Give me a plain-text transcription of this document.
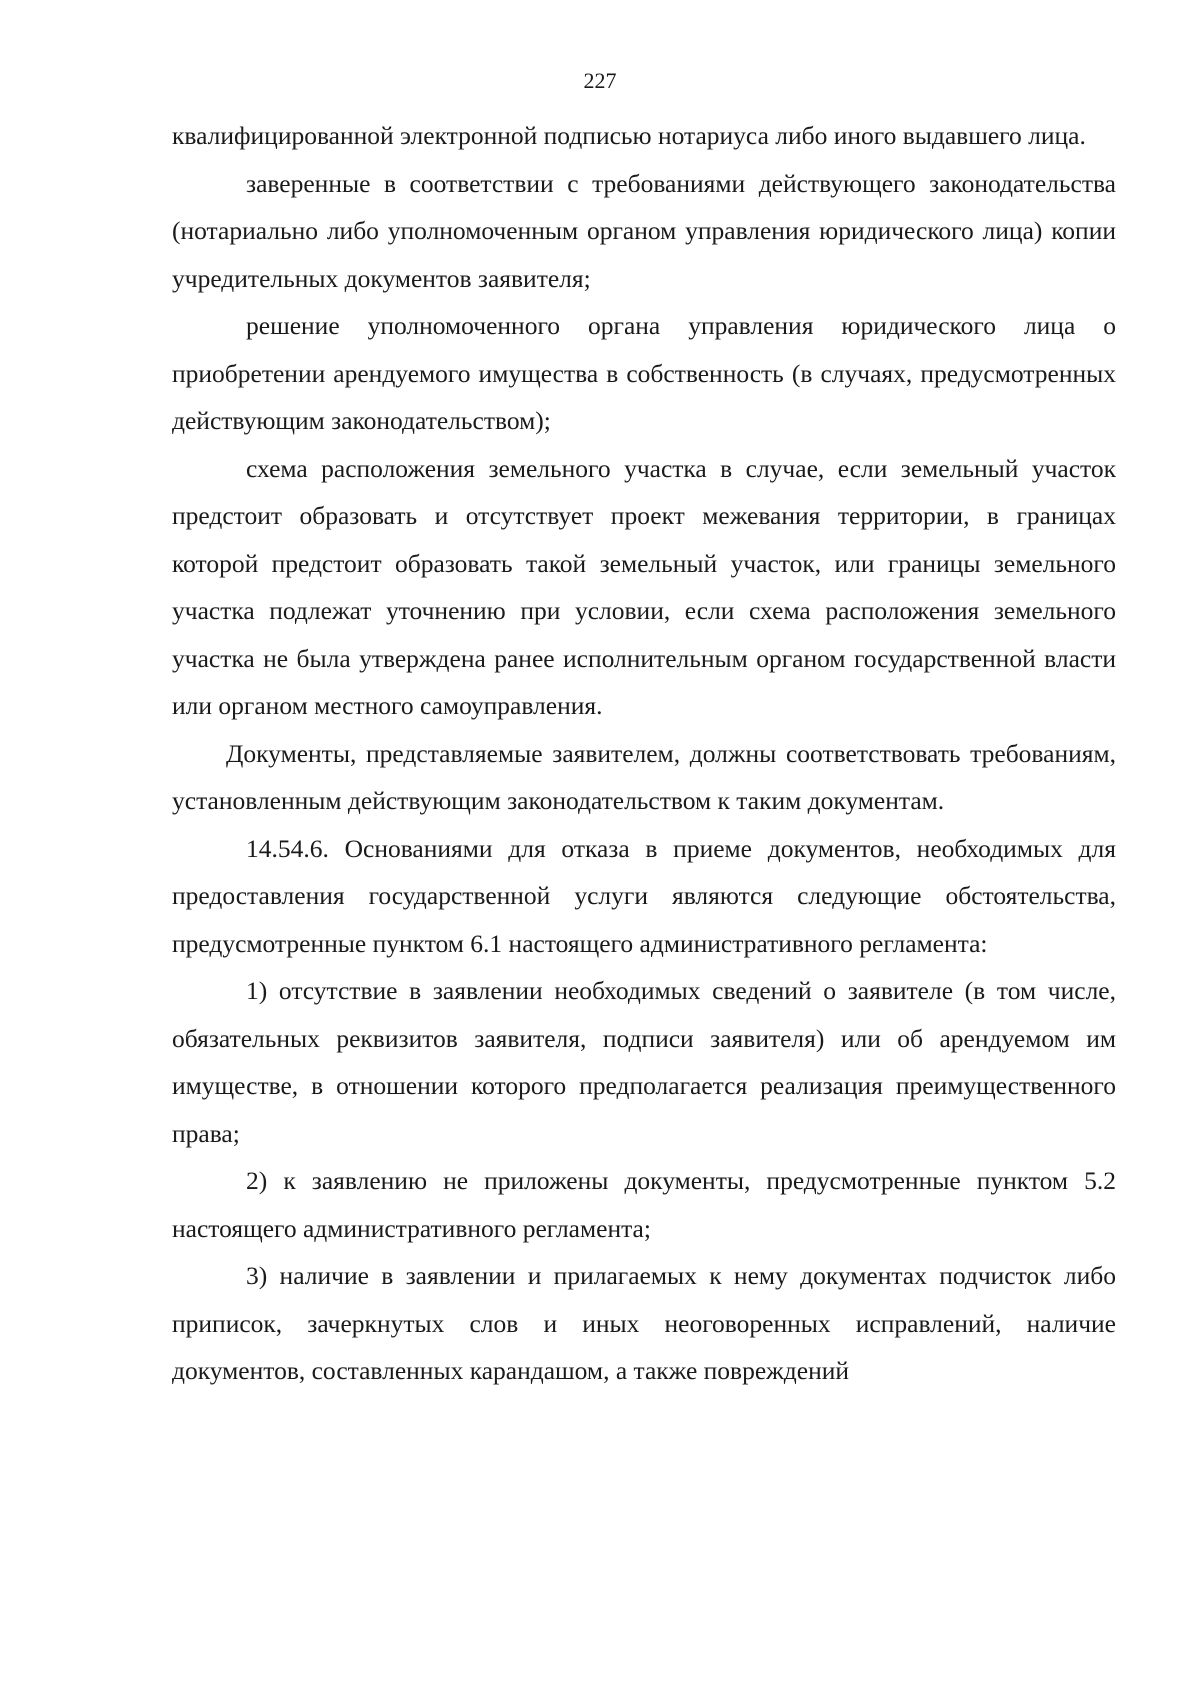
227

квалифицированной электронной подписью нотариуса либо иного выдавшего лица.

заверенные в соответствии с требованиями действующего законодательства (нотариально либо уполномоченным органом управления юридического лица) копии учредительных документов заявителя;

решение уполномоченного органа управления юридического лица о приобретении арендуемого имущества в собственность (в случаях, предусмотренных действующим законодательством);

схема расположения земельного участка в случае, если земельный участок предстоит образовать и отсутствует проект межевания территории, в границах которой предстоит образовать такой земельный участок, или границы земельного участка подлежат уточнению при условии, если схема расположения земельного участка не была утверждена ранее исполнительным органом государственной власти или органом местного самоуправления.

Документы, представляемые заявителем, должны соответствовать требованиям, установленным действующим законодательством к таким документам.

14.54.6. Основаниями для отказа в приеме документов, необходимых для предоставления государственной услуги являются следующие обстоятельства, предусмотренные пунктом 6.1 настоящего административного регламента:

1) отсутствие в заявлении необходимых сведений о заявителе (в том числе, обязательных реквизитов заявителя, подписи заявителя) или об арендуемом им имуществе, в отношении которого предполагается реализация преимущественного права;

2) к заявлению не приложены документы, предусмотренные пунктом 5.2 настоящего административного регламента;

3) наличие в заявлении и прилагаемых к нему документах подчисток либо приписок, зачеркнутых слов и иных неоговоренных исправлений, наличие документов, составленных карандашом, а также повреждений
